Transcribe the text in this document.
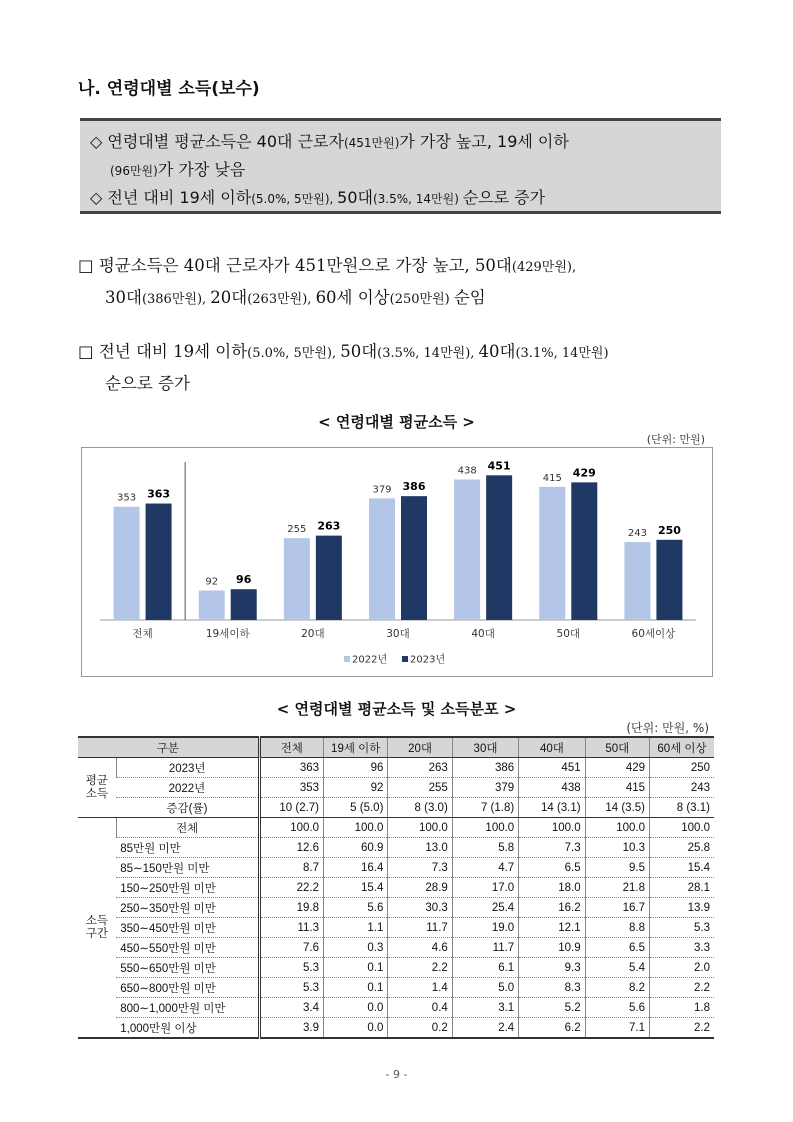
나. 연령대별 소득(보수)
◇ 연령대별 평균소득은 40대 근로자(451만원)가 가장 높고, 19세 이하
(96만원)가 가장 낮음
◇ 전년 대비 19세 이하(5.0%, 5만원), 50대(3.5%, 14만원) 순으로 증가
□ 평균소득은 40대 근로자가 451만원으로 가장 높고, 50대(429만원),
30대(386만원), 20대(263만원), 60세 이상(250만원) 순임
□ 전년 대비 19세 이하(5.0%, 5만원), 50대(3.5%, 14만원), 40대(3.1%, 14만원)
순으로 증가
< 연령대별 평균소득 >
(단위: 만원)
353 363
전체
92 96
19세이하
255 263
20대
379 386
30대
438 451
40대
415 429
50대
243 250
60세이상
2022년 2023년
< 연령대별 평균소득 및 소득분포 >
(단위: 만원, %)
구분		전체	19세 이하	20대	30대	40대	50대	60세 이상
평균
소득	2023년	363	96	263	386	451	429	250
	2022년	353	92	255	379	438	415	243
	증감(률)	10 (2.7)	5 (5.0)	8 (3.0)	7 (1.8)	14 (3.1)	14 (3.5)	8 (3.1)
소득
구간	전체	100.0	100.0	100.0	100.0	100.0	100.0	100.0
	85만원 미만	12.6	60.9	13.0	5.8	7.3	10.3	25.8
	85∼150만원 미만	8.7	16.4	7.3	4.7	6.5	9.5	15.4
	150∼250만원 미만	22.2	15.4	28.9	17.0	18.0	21.8	28.1
	250∼350만원 미만	19.8	5.6	30.3	25.4	16.2	16.7	13.9
	350∼450만원 미만	11.3	1.1	11.7	19.0	12.1	8.8	5.3
	450∼550만원 미만	7.6	0.3	4.6	11.7	10.9	6.5	3.3
	550∼650만원 미만	5.3	0.1	2.2	6.1	9.3	5.4	2.0
	650∼800만원 미만	5.3	0.1	1.4	5.0	8.3	8.2	2.2
	800∼1,000만원 미만	3.4	0.0	0.4	3.1	5.2	5.6	1.8
	1,000만원 이상	3.9	0.0	0.2	2.4	6.2	7.1	2.2
- 9 -
